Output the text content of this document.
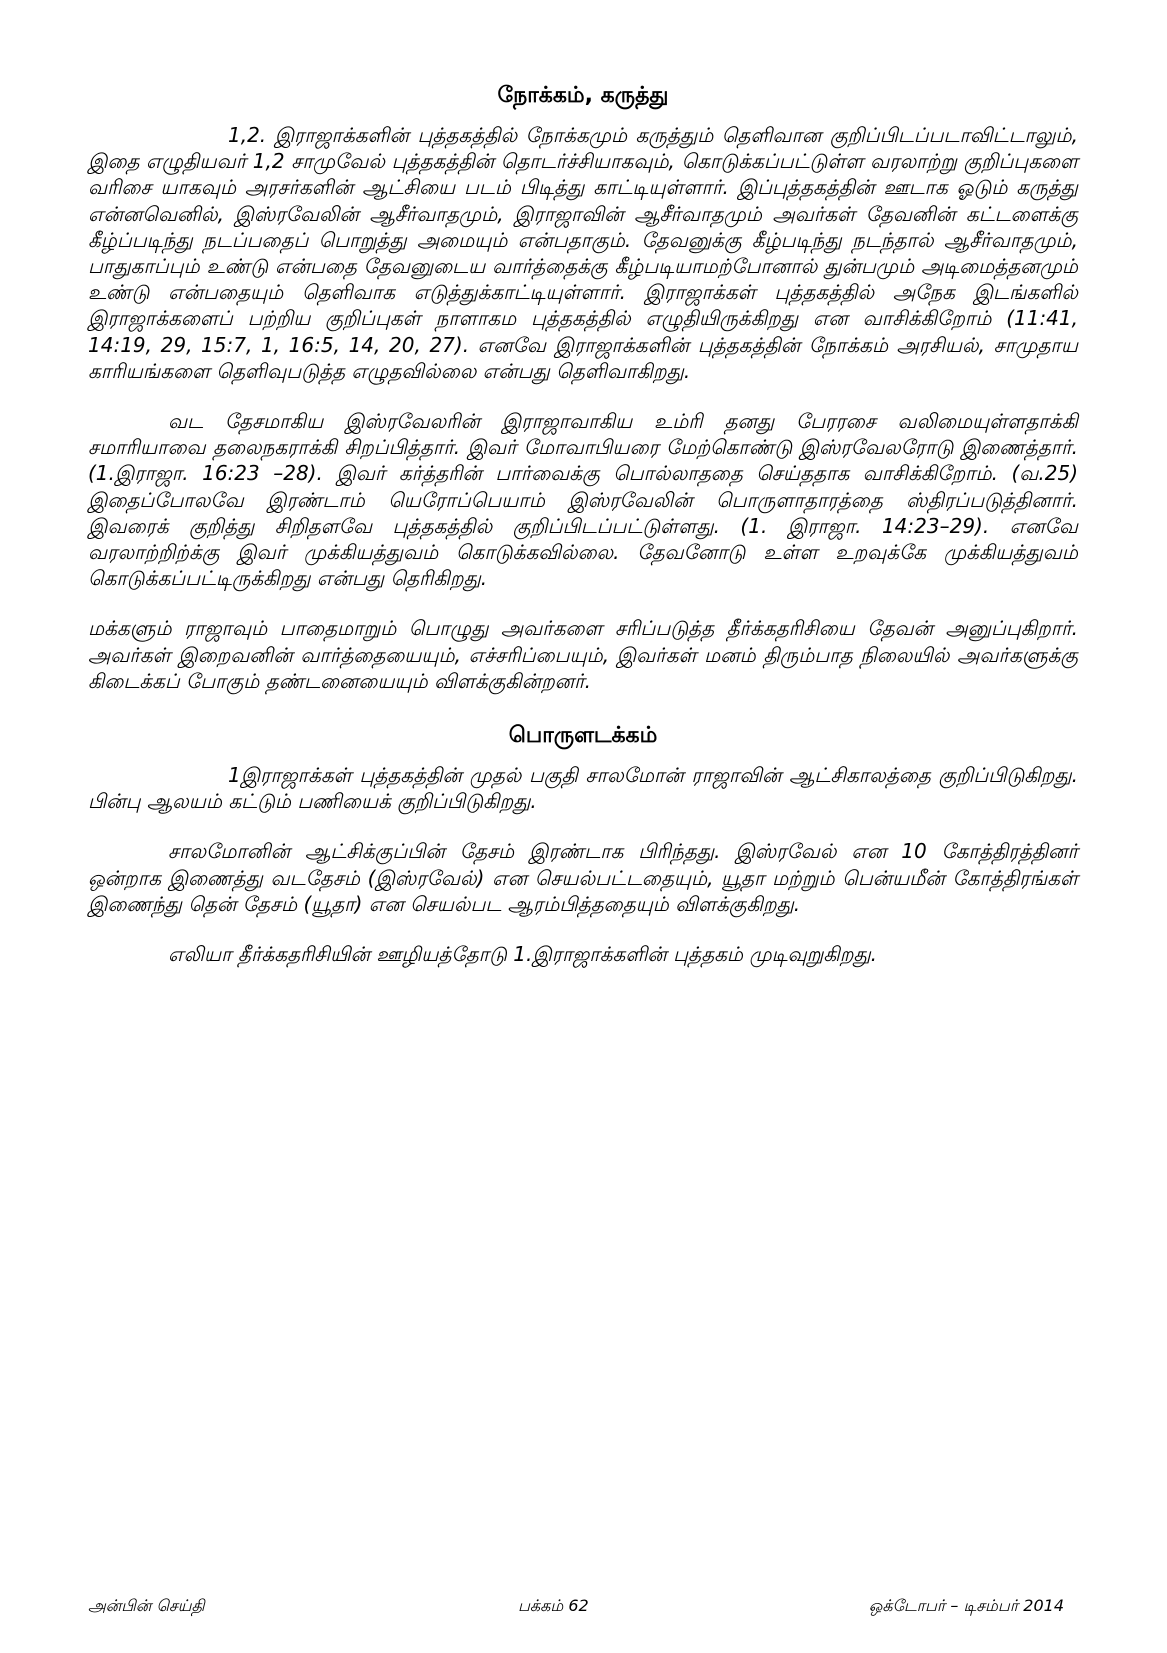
நோக்கம், கருத்து

1,2. இராஜாக்களின் புத்தகத்தில் நோக்கமும் கருத்தும் தெளிவான குறிப்பிடப்படாவிட்டாலும், இதை எழுதியவர் 1,2 சாமுவேல் புத்தகத்தின் தொடர்ச்சியாகவும், கொடுக்கப்பட்டுள்ள வரலாற்று குறிப்புகளை வரிசை யாகவும் அரசர்களின் ஆட்சியை படம் பிடித்து காட்டியுள்ளார். இப்புத்தகத்தின் ஊடாக ஓடும் கருத்து என்னவெனில், இஸ்ரவேலின் ஆசீர்வாதமும், இராஜாவின் ஆசீர்வாதமும் அவர்கள் தேவனின் கட்டளைக்கு கீழ்ப்படிந்து நடப்பதைப் பொறுத்து அமையும் என்பதாகும். தேவனுக்கு கீழ்படிந்து நடந்தால் ஆசீர்வாதமும், பாதுகாப்பும் உண்டு என்பதை தேவனுடைய வார்த்தைக்கு கீழ்படியாமற்போனால் துன்பமும் அடிமைத்தனமும் உண்டு என்பதையும் தெளிவாக எடுத்துக்காட்டியுள்ளார். இராஜாக்கள் புத்தகத்தில் அநேக இடங்களில் இராஜாக்களைப் பற்றிய குறிப்புகள் நாளாகம புத்தகத்தில் எழுதியிருக்கிறது என வாசிக்கிறோம் (11:41, 14:19, 29, 15:7, 1, 16:5, 14, 20, 27). எனவே இராஜாக்களின் புத்தகத்தின் நோக்கம் அரசியல், சாமுதாய காரியங்களை தெளிவுபடுத்த எழுதவில்லை என்பது தெளிவாகிறது.

வட தேசமாகிய இஸ்ரவேலரின் இராஜாவாகிய உம்ரி தனது பேரரசை வலிமையுள்ளதாக்கி சமாரியாவை தலைநகராக்கி சிறப்பித்தார். இவர் மோவாபியரை மேற்கொண்டு இஸ்ரவேலரோடு இணைத்தார். (1.இராஜா. 16:23 –28). இவர் கர்த்தரின் பார்வைக்கு பொல்லாததை செய்ததாக வாசிக்கிறோம். (வ.25) இதைப்போலவே இரண்டாம் யெரோப்பெயாம் இஸ்ரவேலின் பொருளாதாரத்தை ஸ்திரப்படுத்தினார். இவரைக் குறித்து சிறிதளவே புத்தகத்தில் குறிப்பிடப்பட்டுள்ளது. (1. இராஜா. 14:23–29). எனவே வரலாற்றிற்க்கு இவர் முக்கியத்துவம் கொடுக்கவில்லை. தேவனோடு உள்ள உறவுக்கே முக்கியத்துவம் கொடுக்கப்பட்டிருக்கிறது என்பது தெரிகிறது.

மக்களும் ராஜாவும் பாதைமாறும் பொழுது அவர்களை சரிப்படுத்த தீர்க்கதரிசியை தேவன் அனுப்புகிறார். அவர்கள் இறைவனின் வார்த்தையையும், எச்சரிப்பையும், இவர்கள் மனம் திரும்பாத நிலையில் அவர்களுக்கு கிடைக்கப் போகும் தண்டனையையும் விளக்குகின்றனர்.

பொருளடக்கம்

1இராஜாக்கள் புத்தகத்தின் முதல் பகுதி சாலமோன் ராஜாவின் ஆட்சிகாலத்தை குறிப்பிடுகிறது. பின்பு ஆலயம் கட்டும் பணியைக் குறிப்பிடுகிறது.

சாலமோனின் ஆட்சிக்குப்பின் தேசம் இரண்டாக பிரிந்தது. இஸ்ரவேல் என 10 கோத்திரத்தினர் ஒன்றாக இணைத்து வடதேசம் (இஸ்ரவேல்) என செயல்பட்டதையும், யூதா மற்றும் பென்யமீன் கோத்திரங்கள் இணைந்து தென் தேசம் (யூதா) என செயல்பட ஆரம்பித்ததையும் விளக்குகிறது.

எலியா தீர்க்கதரிசியின் ஊழியத்தோடு 1.இராஜாக்களின் புத்தகம் முடிவுறுகிறது.

அன்பின் செய்தி	பக்கம் 62	ஒக்டோபர் – டிசம்பர் 2014
